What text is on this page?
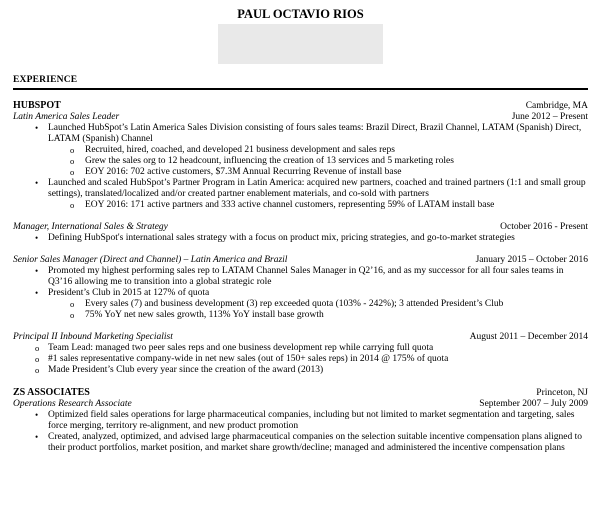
PAUL OCTAVIO RIOS
EXPERIENCE
HUBSPOT	Cambridge, MA
Latin America Sales Leader	June 2012 – Present
•	Launched HubSpot’s Latin America Sales Division consisting of fours sales teams: Brazil Direct, Brazil Channel, LATAM (Spanish) Direct, LATAM (Spanish) Channel
o	Recruited, hired, coached, and developed 21 business development and sales reps
o	Grew the sales org to 12 headcount, influencing the creation of 13 services and 5 marketing roles
o	EOY 2016: 702 active customers, $7.3M Annual Recurring Revenue of install base
•	Launched and scaled HubSpot’s Partner Program in Latin America: acquired new partners, coached and trained partners (1:1 and small group settings), translated/localized and/or created partner enablement materials, and co-sold with partners
o	EOY 2016: 171 active partners and 333 active channel customers, representing 59% of LATAM install base
Manager, International Sales & Strategy	October 2016 - Present
•	Defining HubSpot's international sales strategy with a focus on product mix, pricing strategies, and go-to-market strategies
Senior Sales Manager (Direct and Channel) – Latin America and Brazil	January 2015 – October 2016
•	Promoted my highest performing sales rep to LATAM Channel Sales Manager in Q2’16, and as my successor for all four sales teams in Q3’16 allowing me to transition into a global strategic role
•	President’s Club in 2015 at 127% of quota
o	Every sales (7) and business development (3) rep exceeded quota (103% - 242%); 3 attended President’s Club
o	75% YoY net new sales growth, 113% YoY install base growth
Principal II Inbound Marketing Specialist	August 2011 – December 2014
o Team Lead: managed two peer sales reps and one business development rep while carrying full quota
o #1 sales representative company-wide in net new sales (out of 150+ sales reps) in 2014 @ 175% of quota
o Made President’s Club every year since the creation of the award (2013)
ZS ASSOCIATES	Princeton, NJ
Operations Research Associate	September 2007 – July 2009
•	Optimized field sales operations for large pharmaceutical companies, including but not limited to market segmentation and targeting, sales force merging, territory re-alignment, and new product promotion
•	Created, analyzed, optimized, and advised large pharmaceutical companies on the selection suitable incentive compensation plans aligned to their product portfolios, market position, and market share growth/decline; managed and administered the incentive compensation plans
